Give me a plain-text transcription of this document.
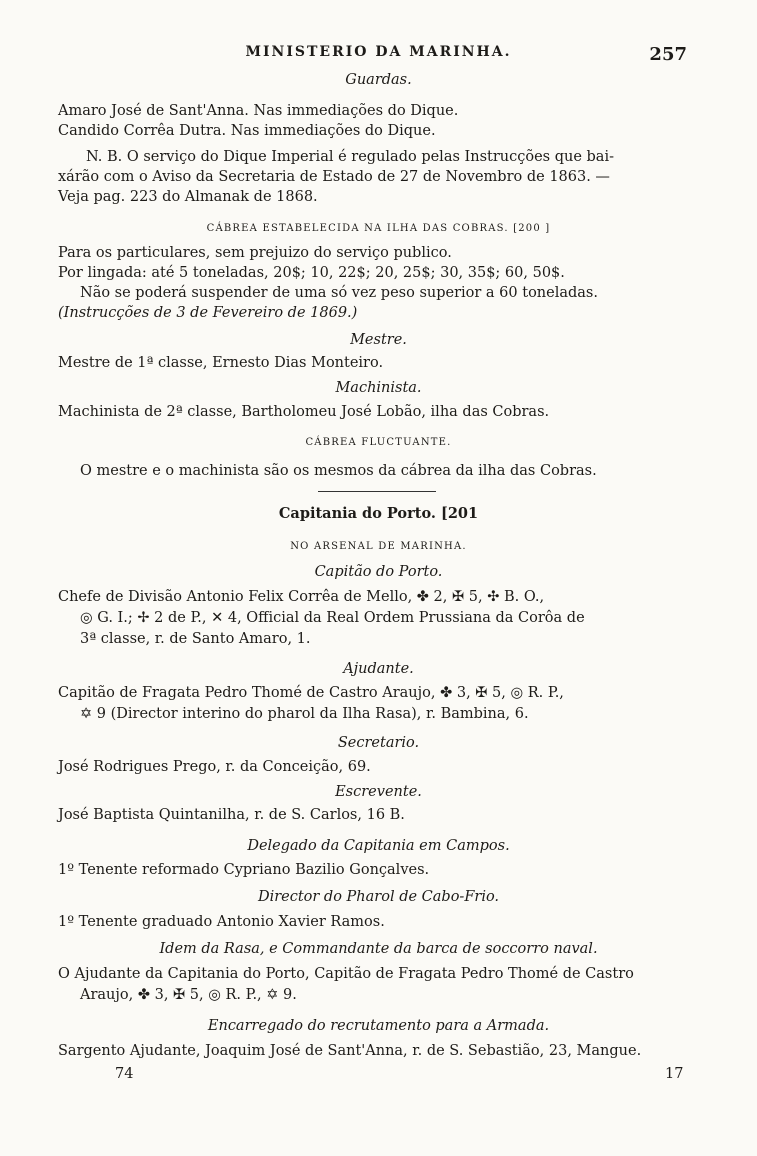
MINISTERIO DA MARINHA.	257
Guardas.
Amaro José de Sant'Anna. Nas immediações do Dique.
Candido Corrêa Dutra. Nas immediações do Dique.
N. B. O serviço do Dique Imperial é regulado pelas Instrucções que bai-
xárão com o Aviso da Secretaria de Estado de 27 de Novembro de 1863. —
Veja pag. 223 do Almanak de 1868.
CÁBREA ESTABELECIDA NA ILHA DAS COBRAS. [200 ]
Para os particulares, sem prejuizo do serviço publico.
Por lingada: até 5 toneladas, 20$; 10, 22$; 20, 25$; 30, 35$; 60, 50$.
Não se poderá suspender de uma só vez peso superior a 60 toneladas.
(Instrucções de 3 de Fevereiro de 1869.)
Mestre.
Mestre de 1ª classe, Ernesto Dias Monteiro.
Machinista.
Machinista de 2ª classe, Bartholomeu José Lobão, ilha das Cobras.
CÁBREA FLUCTUANTE.
O mestre e o machinista são os mesmos da cábrea da ilha das Cobras.
Capitania do Porto. [201
NO ARSENAL DE MARINHA.
Capitão do Porto.
Chefe de Divisão Antonio Felix Corrêa de Mello, ✤ 2, ✠ 5, ✣ B. O.,
◎ G. I.; ✢ 2 de P., ✕ 4, Official da Real Ordem Prussiana da Corôa de
3ª classe, r. de Santo Amaro, 1.
Ajudante.
Capitão de Fragata Pedro Thomé de Castro Araujo, ✤ 3, ✠ 5, ◎ R. P.,
✡ 9 (Director interino do pharol da Ilha Rasa), r. Bambina, 6.
Secretario.
José Rodrigues Prego, r. da Conceição, 69.
Escrevente.
José Baptista Quintanilha, r. de S. Carlos, 16 B.
Delegado da Capitania em Campos.
1º Tenente reformado Cypriano Bazilio Gonçalves.
Director do Pharol de Cabo-Frio.
1º Tenente graduado Antonio Xavier Ramos.
Idem da Rasa, e Commandante da barca de soccorro naval.
O Ajudante da Capitania do Porto, Capitão de Fragata Pedro Thomé de Castro
Araujo, ✤ 3, ✠ 5, ◎ R. P., ✡ 9.
Encarregado do recrutamento para a Armada.
Sargento Ajudante, Joaquim José de Sant'Anna, r. de S. Sebastião, 23, Mangue.
74	17
